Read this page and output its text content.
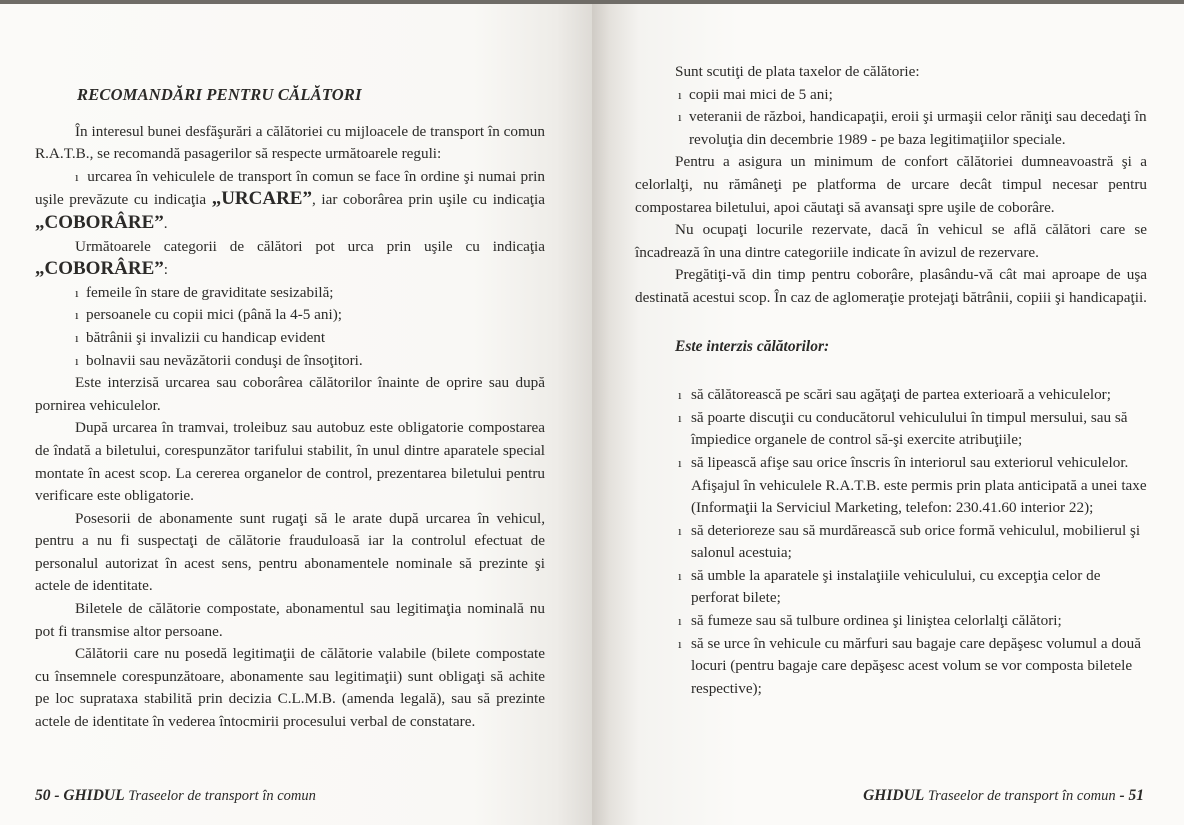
RECOMANDĂRI PENTRU CĂLĂTORI

În interesul bunei desfăşurări a călătoriei cu mijloacele de transport în comun R.A.T.B., se recomandă pasagerilor să respecte următoarele reguli:

ı urcarea în vehiculele de transport în comun se face în ordine şi numai prin uşile prevăzute cu indicaţia „URCARE”, iar coborârea prin uşile cu indicaţia „COBORÂRE”.

Următoarele categorii de călători pot urca prin uşile cu indicaţia „COBORÂRE”:

ı femeile în stare de graviditate sesizabilă;
ı persoanele cu copii mici (până la 4-5 ani);
ı bătrânii şi invalizii cu handicap evident
ı bolnavii sau nevăzătorii conduşi de însoţitori.

Este interzisă urcarea sau coborârea călătorilor înainte de oprire sau după pornirea vehiculelor.

După urcarea în tramvai, troleibuz sau autobuz este obligatorie compostarea de îndată a biletului, corespunzător tarifului stabilit, în unul dintre aparatele special montate în acest scop. La cererea organelor de control, prezentarea biletului pentru verificare este obligatorie.

Posesorii de abonamente sunt rugaţi să le arate după urcarea în vehicul, pentru a nu fi suspectaţi de călătorie frauduloasă iar la controlul efectuat de personalul autorizat în acest sens, pentru abonamentele nominale să prezinte şi actele de identitate.

Biletele de călătorie compostate, abonamentul sau legitimaţia nominală nu pot fi transmise altor persoane.

Călătorii care nu posedă legitimaţii de călătorie valabile (bilete compostate cu însemnele corespunzătoare, abonamente sau legitimaţii) sunt obligaţi să achite pe loc suprataxa stabilită prin decizia C.L.M.B. (amenda legală), sau să prezinte actele de identitate în vederea întocmirii procesului verbal de constatare.

50 - GHIDUL Traseelor de transport în comun

Sunt scutiţi de plata taxelor de călătorie:

ı copii mai mici de 5 ani;
ı veteranii de război, handicapaţii, eroii şi urmaşii celor răniţi sau decedaţi în revoluţia din decembrie 1989 - pe baza legitimaţiilor speciale.

Pentru a asigura un minimum de confort călătoriei dumneavoastră şi a celorlalţi, nu rămâneţi pe platforma de urcare decât timpul necesar pentru compostarea biletului, apoi căutaţi să avansaţi spre uşile de coborâre.

Nu ocupaţi locurile rezervate, dacă în vehicul se află călători care se încadrează în una dintre categoriile indicate în avizul de rezervare.

Pregătiţi-vă din timp pentru coborâre, plasându-vă cât mai aproape de uşa destinată acestui scop. În caz de aglomeraţie protejaţi bătrânii, copiii şi handicapaţii.

Este interzis călătorilor:

ı să călătorească pe scări sau agăţaţi de partea exterioară a vehiculelor;
ı să poarte discuţii cu conducătorul vehiculului în timpul mersului, sau să împiedice organele de control să-şi exercite atribuţiile;
ı să lipească afişe sau orice înscris în interiorul sau exteriorul vehiculelor. Afişajul în vehiculele R.A.T.B. este permis prin plata anticipată a unei taxe (Informaţii la Serviciul Marketing, telefon: 230.41.60 interior 22);
ı să deterioreze sau să murdărească sub orice formă vehiculul, mobilierul şi salonul acestuia;
ı să umble la aparatele şi instalaţiile vehiculului, cu excepţia celor de perforat bilete;
ı să fumeze sau să tulbure ordinea şi liniştea celorlalţi călători;
ı să se urce în vehicule cu mărfuri sau bagaje care depăşesc volumul a două locuri (pentru bagaje care depăşesc acest volum se vor composta biletele respective);
GHIDUL Traseelor de transport în comun - 51
